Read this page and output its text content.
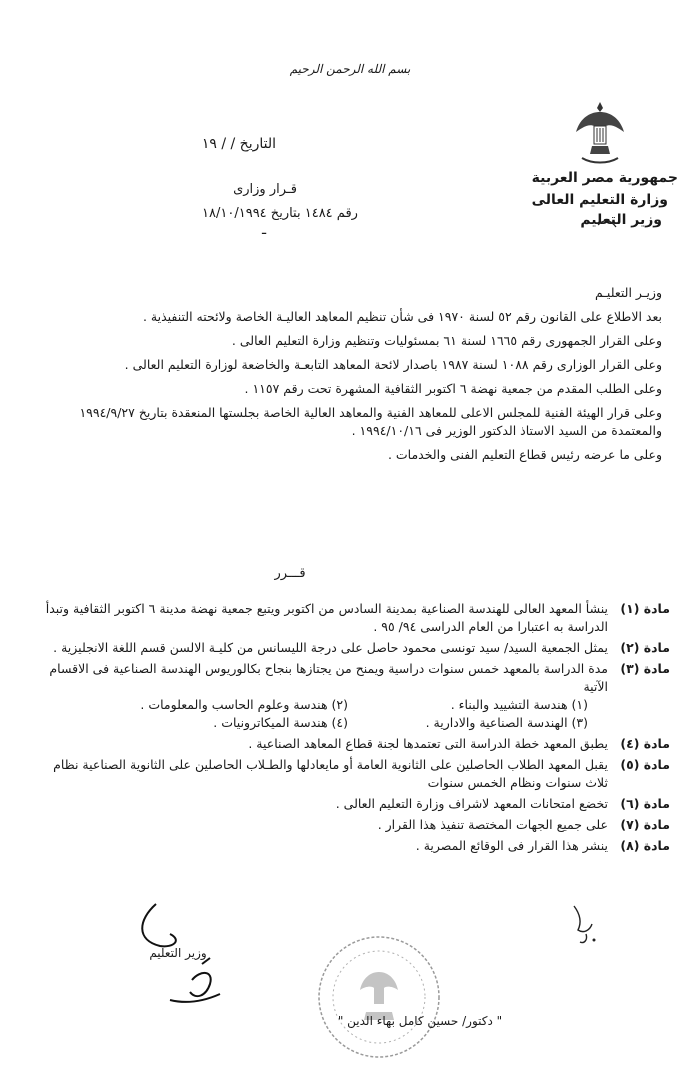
بسم الله الرحمن الرحيم
جمهورية مصر العربية
وزارة التعليم العالى
وزير التعليم
التاريخ / / ١٩
قـرار وزارى
رقم ١٤٨٤ بتاريخ ١٨/١٠/١٩٩٤
ـ

وزيـر التعليـم

بعد الاطلاع على القانون رقم ٥٢ لسنة ١٩٧٠ فى شأن تنظيم المعاهد العاليـة الخاصة ولائحته التنفيذية .

وعلى القرار الجمهورى رقم ١٦٦٥ لسنة ٦١ بمسئوليات وتنظيم وزارة التعليم العالى .

وعلى القرار الوزارى رقم ١٠٨٨ لسنة ١٩٨٧ باصدار لائحة المعاهد التابعـة والخاضعة لوزارة التعليم العالى .

وعلى الطلب المقدم من جمعية نهضة ٦ اكتوبر الثقافية المشهرة تحت رقم ١١٥٧ .

وعلى قرار الهيئة الفنية للمجلس الاعلى للمعاهد الفنية والمعاهد العالية الخاصة بجلستها المنعقدة بتاريخ ١٩٩٤/٩/٢٧ والمعتمدة من السيد الاستاذ الدكتور الوزير فى ١٩٩٤/١٠/١٦ .

وعلى ما عرضه رئيس قطاع التعليم الفنى والخدمات .

قـــرر
مادة (١)
ينشأ المعهد العالى للهندسة الصناعية بمدينة السادس من اكتوبر ويتبع جمعية نهضة مدينة ٦ اكتوبر الثقافية وتبدأ الدراسة به اعتبارا من العام الدراسى ٩٤/ ٩٥ .
مادة (٢)
يمثل الجمعية السيد/ سيد تونسى محمود حاصل على درجة الليسانس من كليـة الالسن قسم اللغة الانجليزية .
مادة (٣)
مدة الدراسة بالمعهد خمس سنوات دراسية ويمنح من يجتازها بنجاح بكالوريوس الهندسة الصناعية فى الاقسام الآتية
(١) هندسة التشييد والبناء .
(٢) هندسة وعلوم الحاسب والمعلومات .
(٣) الهندسة الصناعية والادارية .
(٤) هندسة الميكاترونيات .
مادة (٤)
يطبق المعهد خطة الدراسة التى تعتمدها لجنة قطاع المعاهد الصناعية .
مادة (٥)
يقبل المعهد الطلاب الحاصلين على الثانوية العامة أو مايعادلها والطـلاب الحاصلين على الثانوية الصناعية نظام ثلاث سنوات ونظام الخمس سنوات
مادة (٦)
تخضع امتحانات المعهد لاشراف وزارة التعليم العالى .
مادة (٧)
على جميع الجهات المختصة تنفيذ هذا القرار .
مادة (٨)
ينشر هذا القرار فى الوقائع المصرية .
وزير التعليم
" دكتور/ حسين كامل بهاء الدين "
